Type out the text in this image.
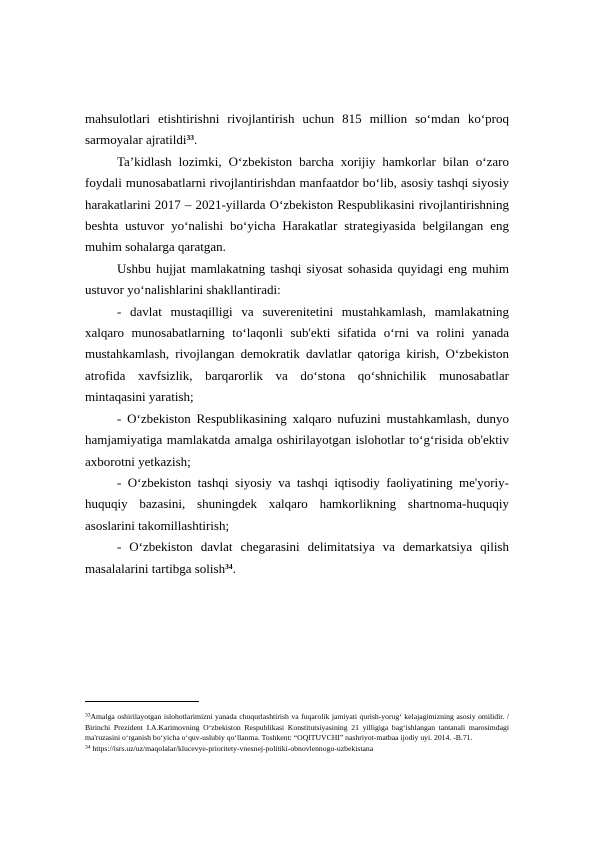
mahsulotlari etishtirishni rivojlantirish uchun 815 million soʻmdan koʻproq sarmoyalar ajratildi$^{33}$.

Ta’kidlash lozimki, Oʻzbekiston barcha xorijiy hamkorlar bilan oʻzaro foydali munosabatlarni rivojlantirishdan manfaatdor boʻlib, asosiy tashqi siyosiy harakatlarini 2017 – 2021-yillarda Oʻzbekiston Respublikasini rivojlantirishning beshta ustuvor yoʻnalishi boʻyicha Harakatlar strategiyasida belgilangan eng muhim sohalarga qaratgan.

Ushbu hujjat mamlakatning tashqi siyosat sohasida quyidagi eng muhim ustuvor yoʻnalishlarini shakllantiradi:

- davlat mustaqilligi va suverenitetini mustahkamlash, mamlakatning xalqaro munosabatlarning toʻlaqonli sub'ekti sifatida oʻrni va rolini yanada mustahkamlash, rivojlangan demokratik davlatlar qatoriga kirish, Oʻzbekiston atrofida xavfsizlik, barqarorlik va doʻstona qoʻshnichilik munosabatlar mintaqasini yaratish;

- Oʻzbekiston Respublikasining xalqaro nufuzini mustahkamlash, dunyo hamjamiyatiga mamlakatda amalga oshirilayotgan islohotlar toʻgʻrisida ob'ektiv axborotni yetkazish;

- Oʻzbekiston tashqi siyosiy va tashqi iqtisodiy faoliyatining me'yoriy-huquqiy bazasini, shuningdek xalqaro hamkorlikning shartnoma-huquqiy asoslarini takomillashtirish;

- Oʻzbekiston davlat chegarasini delimitatsiya va demarkatsiya qilish masalalarini tartibga solish$^{34}$.

$^{33}$Amalga oshirilayotgan islohotlarimizni yanada chuqurlashtirish va fuqarolik jamiyati qurish-yorugʻ kelajagimizning asosiy omilidir. / Birinchi Prezident I.A.Karimovning Oʻzbekiston Respublikasi Konstitutsiyasining 21 yilligiga bagʻishlangan tantanali marosimdagi ma'ruzasini oʻrganish boʻyicha oʻquv-uslubiy qoʻllanma. Toshkent: “OQITUVCHI” nashriyot-matbaa ijodiy uyi. 2014. -B.71.

$^{34}$ https://isrs.uz/uz/maqolalar/klucevye-prioritety-vnesnej-politiki-obnovlennogo-uzbekistana
